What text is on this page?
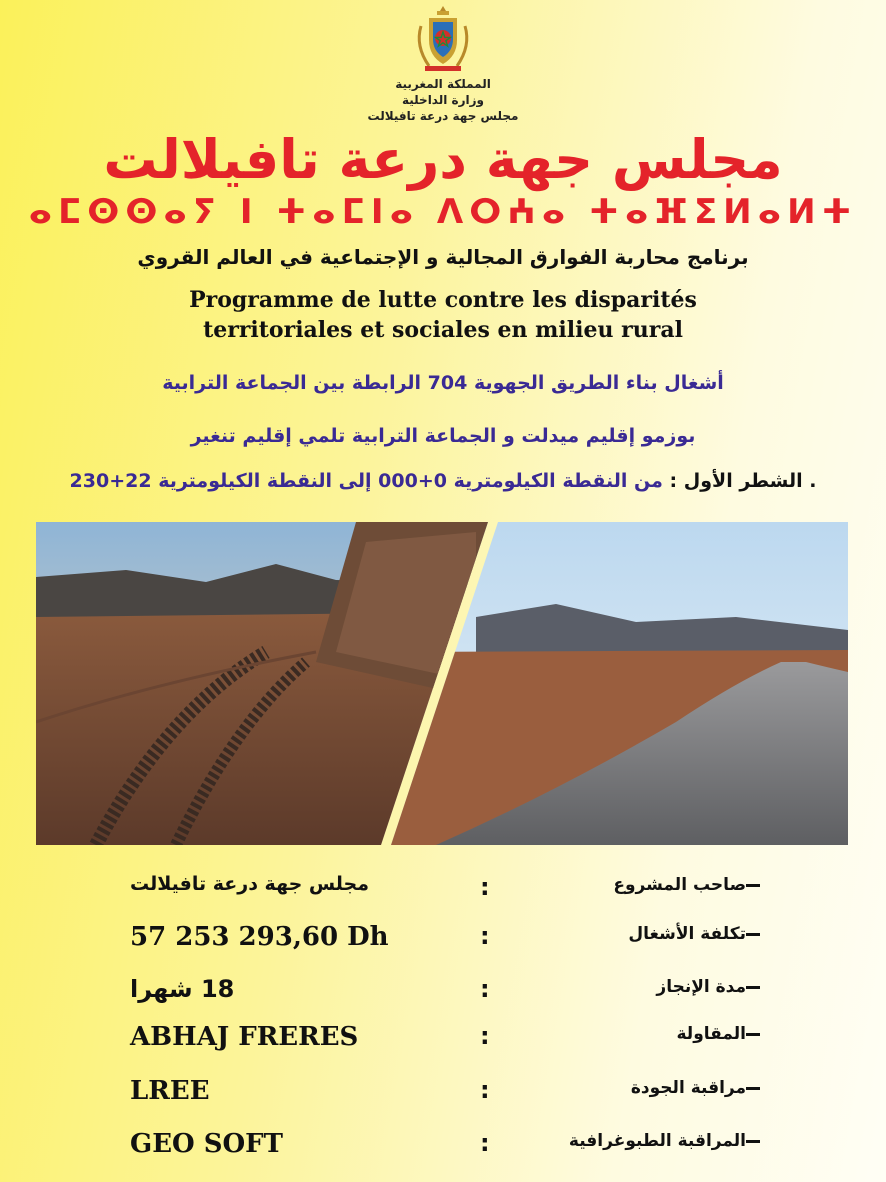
المملكة المغربية
وزارة الداخلية
مجلس جهة درعة تافيلالت
مجلس جهة درعة تافيلالت
ⴰⵎⵙⵙⴰⵢ ⵏ ⵜⴰⵎⵏⴰ ⴷⵔⵄⴰ ⵜⴰⴼⵉⵍⴰⵍⵜ
برنامج محاربة الفوارق المجالية و الإجتماعية في العالم القروي
Programme de lutte contre les disparités
territoriales et sociales en milieu rural
أشغال بناء الطريق الجهوية 704 الرابطة بين الجماعة الترابية
بوزمو إقليم ميدلت و الجماعة الترابية تلمي إقليم تنغير
. الشطر الأول : من النقطة الكيلومترية 0+000 إلى النقطة الكيلومترية 22+230
مجلس جهة درعة تافيلالت	:	صاحب المشروع
57 253 293,60 Dh	:	تكلفة الأشغال
18 شهرا	:	مدة الإنجاز
ABHAJ FRERES	:	المقاولة
LREE	:	مراقبة الجودة
GEO SOFT	:	المراقبة الطبوغرافية
